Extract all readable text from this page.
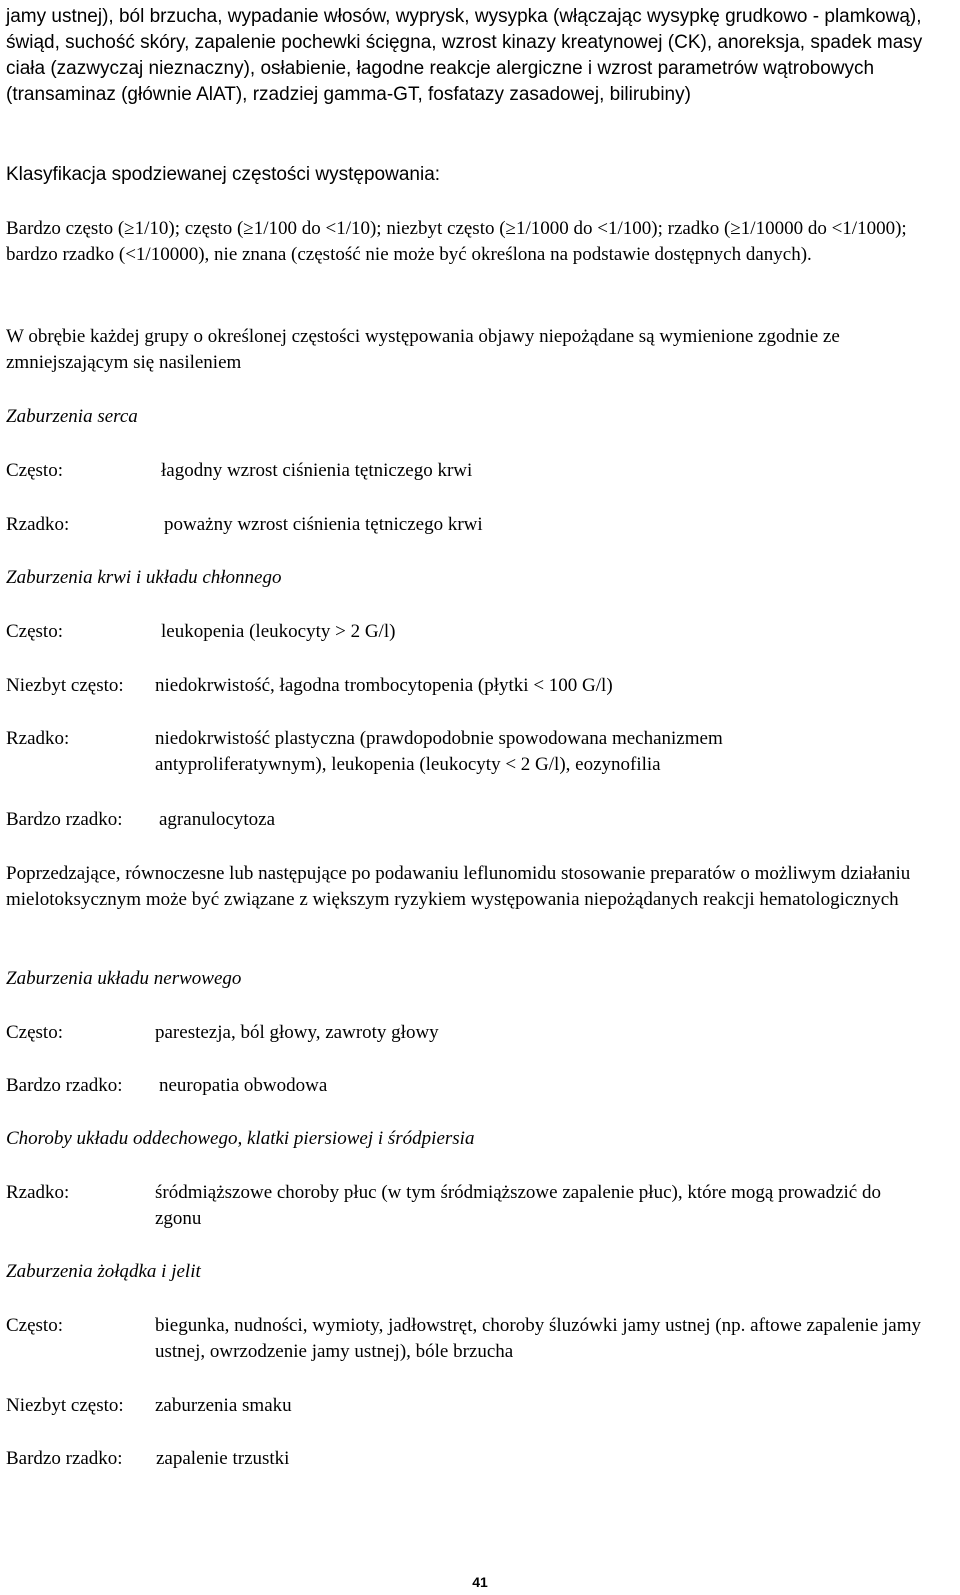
jamy ustnej), ból brzucha, wypadanie włosów, wyprysk, wysypka (włączając wysypkę grudkowo - plamkową), świąd, suchość skóry, zapalenie pochewki ścięgna, wzrost kinazy kreatynowej (CK), anoreksja, spadek masy ciała (zazwyczaj nieznaczny), osłabienie, łagodne reakcje alergiczne i wzrost parametrów wątrobowych (transaminaz (głównie AlAT), rzadziej gamma-GT, fosfatazy zasadowej, bilirubiny)

Klasyfikacja spodziewanej częstości występowania:

Bardzo często (≥1/10); często (≥1/100 do <1/10); niezbyt często (≥1/1000 do <1/100); rzadko (≥1/10000 do <1/1000); bardzo rzadko (<1/10000), nie znana (częstość nie może być określona na podstawie dostępnych danych).

W obrębie każdej grupy o określonej częstości występowania objawy niepożądane są wymienione zgodnie ze zmniejszającym się nasileniem

Zaburzenia serca

Często:	łagodny wzrost ciśnienia tętniczego krwi
Rzadko:	poważny wzrost ciśnienia tętniczego krwi

Zaburzenia krwi i układu chłonnego

Często:	leukopenia (leukocyty > 2 G/l)
Niezbyt często: niedokrwistość, łagodna trombocytopenia (płytki < 100 G/l)
Rzadko:	niedokrwistość plastyczna (prawdopodobnie spowodowana mechanizmem antyproliferatywnym), leukopenia (leukocyty < 2 G/l), eozynofilia
Bardzo rzadko: agranulocytoza

Poprzedzające, równoczesne lub następujące po podawaniu leflunomidu stosowanie preparatów o możliwym działaniu mielotoksycznym może być związane z większym ryzykiem występowania niepożądanych reakcji hematologicznych

Zaburzenia układu nerwowego

Często:	parestezja, ból głowy, zawroty głowy
Bardzo rzadko: neuropatia obwodowa

Choroby układu oddechowego, klatki piersiowej i śródpiersia

Rzadko:	śródmiąższowe choroby płuc (w tym śródmiąższowe zapalenie płuc), które mogą prowadzić do zgonu

Zaburzenia żołądka i jelit

Często:	biegunka, nudności, wymioty, jadłowstręt, choroby śluzówki jamy ustnej (np. aftowe zapalenie jamy ustnej, owrzodzenie jamy ustnej), bóle brzucha
Niezbyt często: zaburzenia smaku
Bardzo rzadko: zapalenie trzustki
41
